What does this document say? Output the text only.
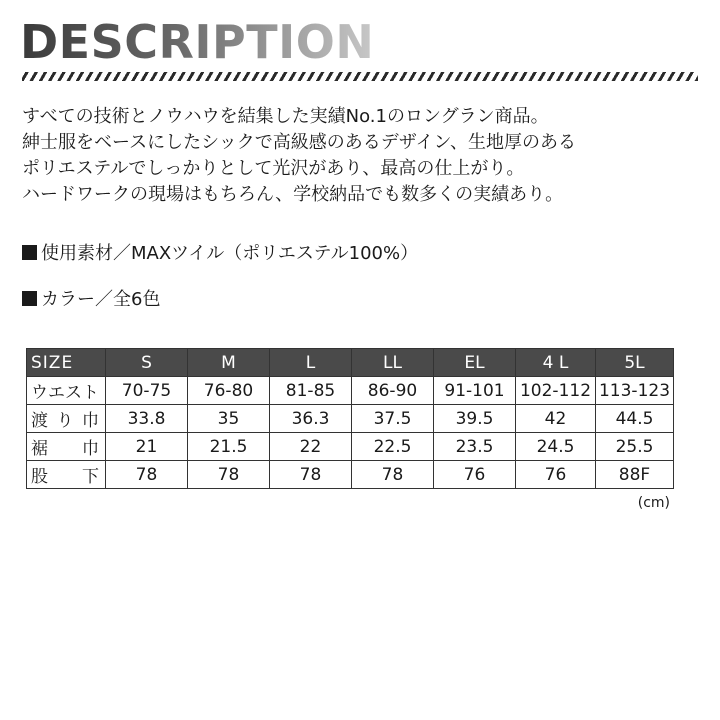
DESCRIPTION
すべての技術とノウハウを結集した実績No.1のロングラン商品。
紳士服をベースにしたシックで高級感のあるデザイン、生地厚のある
ポリエステルでしっかりとして光沢があり、最高の仕上がり。
ハードワークの現場はもちろん、学校納品でも数多くの実績あり。
使用素材／MAXツイル（ポリエステル100%）
カラー／全6色
SIZE	S	M	L	LL	EL	4 L	5L
ウエスト	70-75	76-80	81-85	86-90	91-101	102-112	113-123
渡り巾	33.8	35	36.3	37.5	39.5	42	44.5
裾　巾	21	21.5	22	22.5	23.5	24.5	25.5
股　下	78	78	78	78	76	76	88F
(cm)
